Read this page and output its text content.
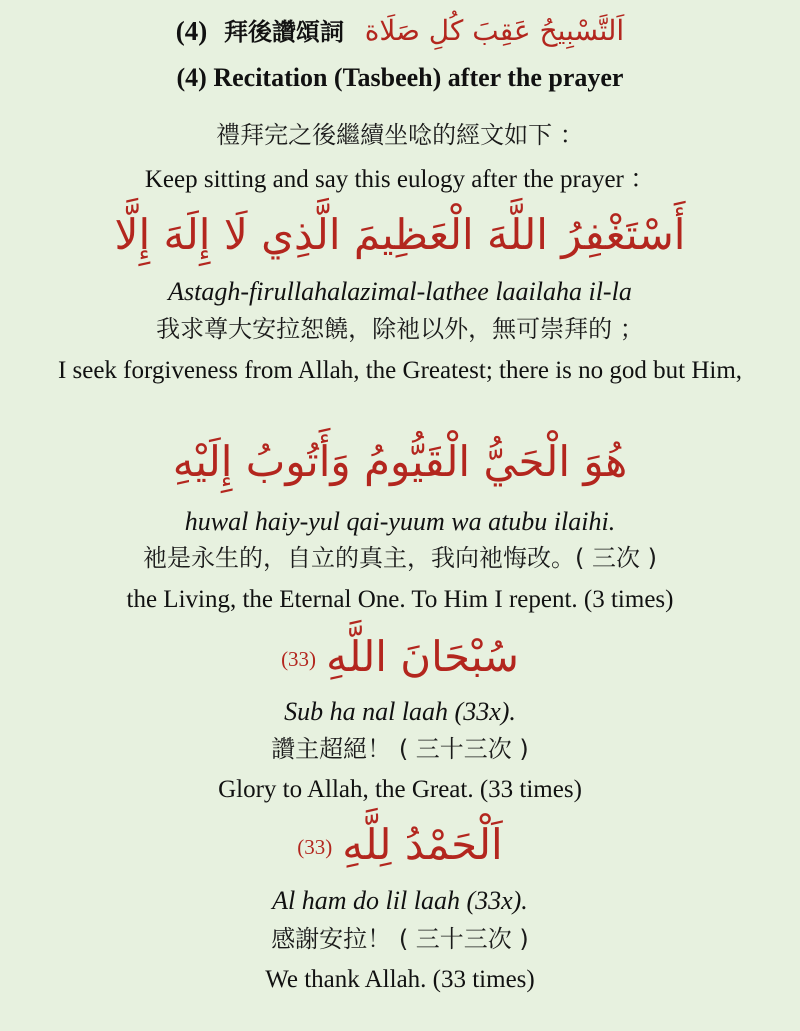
(4) 拜後讚頌詞 اَلتَّسْبِيحُ عَقِبَ كُلِ صَلَاة
(4) Recitation (Tasbeeh) after the prayer
禮拜完之後繼續坐唸的經文如下 ：
Keep sitting and say this eulogy after the prayer ：
أَسْتَغْفِرُ اللَّهَ الْعَظِيمَ الَّذِي لَا إِلَهَ إِلَّا
Astagh-firullahalazimal-lathee laailaha il-la
我求尊大安拉恕饒，除祂以外，無可崇拜的 ；
I seek forgiveness from Allah, the Greatest; there is no god but Him,
هُوَ الْحَيُّ الْقَيُّومُ وَأَتُوبُ إِلَيْهِ
huwal haiy-yul qai-yuum wa atubu ilaihi.
祂是永生的，自立的真主，我向祂悔改。( 三次 )
the Living, the Eternal One. To Him I repent. (3 times)
سُبْحَانَ اللَّهِ(33)
Sub ha nal laah (33x).
讚主超絕！ ( 三十三次 )
Glory to Allah, the Great. (33 times)
اَلْحَمْدُ لِلَّهِ(33)
Al ham do lil laah (33x).
感謝安拉！ ( 三十三次 )
We thank Allah. (33 times)
